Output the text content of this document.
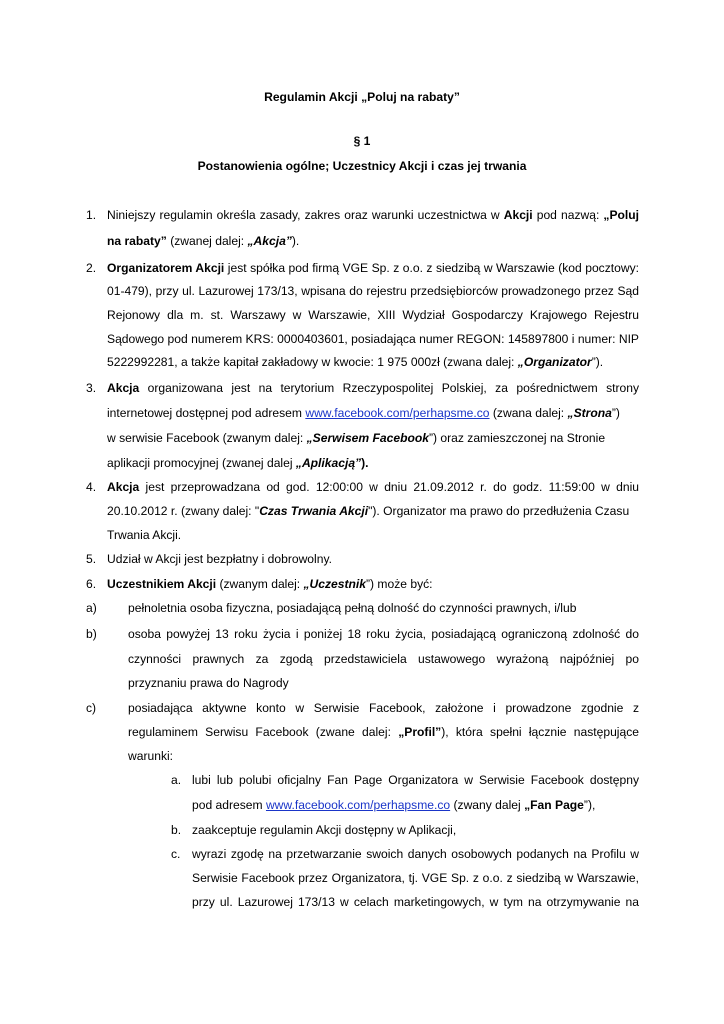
Regulamin Akcji „Poluj na rabaty”
§ 1
Postanowienia ogólne; Uczestnicy Akcji i czas jej trwania
1. Niniejszy regulamin określa zasady, zakres oraz warunki uczestnictwa w Akcji pod nazwą: „Poluj
na rabaty” (zwanej dalej: „Akcja”).
2. Organizatorem Akcji jest spółka pod firmą VGE Sp. z o.o. z siedzibą w Warszawie (kod pocztowy:
01-479), przy ul. Lazurowej 173/13, wpisana do rejestru przedsiębiorców prowadzonego przez Sąd
Rejonowy dla m. st. Warszawy w Warszawie, XIII Wydział Gospodarczy Krajowego Rejestru
Sądowego pod numerem KRS: 0000403601, posiadająca numer REGON: 145897800 i numer: NIP
5222992281, a także kapitał zakładowy w kwocie: 1 975 000zł (zwana dalej: „Organizator”).
3. Akcja organizowana jest na terytorium Rzeczypospolitej Polskiej, za pośrednictwem strony
internetowej dostępnej pod adresem www.facebook.com/perhapsme.co (zwana dalej: „Strona”)
w serwisie Facebook (zwanym dalej: „Serwisem Facebook”) oraz zamieszczonej na Stronie
aplikacji promocyjnej (zwanej dalej „Aplikacją”).
4. Akcja jest przeprowadzana od god. 12:00:00 w dniu 21.09.2012 r. do godz. 11:59:00 w dniu
20.10.2012 r. (zwany dalej: "Czas Trwania Akcji"). Organizator ma prawo do przedłużenia Czasu
Trwania Akcji.
5. Udział w Akcji jest bezpłatny i dobrowolny.
6. Uczestnikiem Akcji (zwanym dalej: „Uczestnik”) może być:
a)	pełnoletnia osoba fizyczna, posiadającą pełną dolność do czynności prawnych, i/lub
b)	osoba powyżej 13 roku życia i poniżej 18 roku życia, posiadającą ograniczoną zdolność do
czynności prawnych za zgodą przedstawiciela ustawowego wyrażoną najpóźniej po
przyznaniu prawa do Nagrody
c)	posiadająca aktywne konto w Serwisie Facebook, założone i prowadzone zgodnie z
regulaminem Serwisu Facebook (zwane dalej: „Profil”), która spełni łącznie następujące
warunki:
a. lubi lub polubi oficjalny Fan Page Organizatora w Serwisie Facebook dostępny
pod adresem www.facebook.com/perhapsme.co (zwany dalej „Fan Page”),
b. zaakceptuje regulamin Akcji dostępny w Aplikacji,
c. wyrazi zgodę na przetwarzanie swoich danych osobowych podanych na Profilu w
Serwisie Facebook przez Organizatora, tj. VGE Sp. z o.o. z siedzibą w Warszawie,
przy ul. Lazurowej 173/13 w celach marketingowych, w tym na otrzymywanie na
